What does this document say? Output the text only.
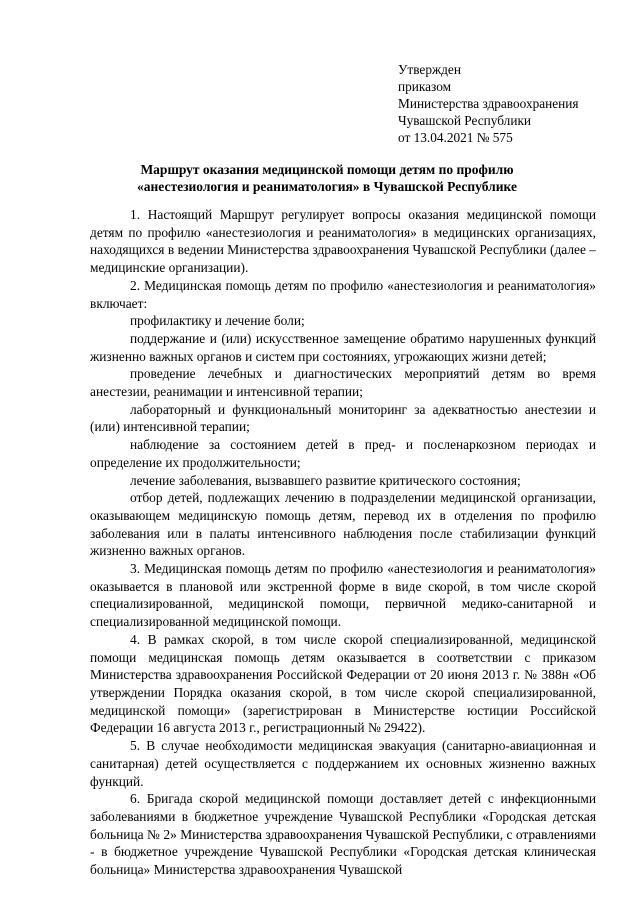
Утвержден
приказом
Министерства здравоохранения
Чувашской Республики
от 13.04.2021 № 575
Маршрут оказания медицинской помощи детям по профилю
«анестезиология и реаниматология» в Чувашской Республике

1. Настоящий Маршрут регулирует вопросы оказания медицинской помощи детям по профилю «анестезиология и реаниматология» в медицинских организациях, находящихся в ведении Министерства здравоохранения Чувашской Республики (далее – медицинские организации).

2. Медицинская помощь детям по профилю «анестезиология и реаниматология» включает:

профилактику и лечение боли;

поддержание и (или) искусственное замещение обратимо нарушенных функций жизненно важных органов и систем при состояниях, угрожающих жизни детей;

проведение лечебных и диагностических мероприятий детям во время анестезии, реанимации и интенсивной терапии;

лабораторный и функциональный мониторинг за адекватностью анестезии и (или) интенсивной терапии;

наблюдение за состоянием детей в пред- и посленаркозном периодах и определение их продолжительности;

лечение заболевания, вызвавшего развитие критического состояния;

отбор детей, подлежащих лечению в подразделении медицинской организации, оказывающем медицинскую помощь детям, перевод их в отделения по профилю заболевания или в палаты интенсивного наблюдения после стабилизации функций жизненно важных органов.

3. Медицинская помощь детям по профилю «анестезиология и реаниматология» оказывается в плановой или экстренной форме в виде скорой, в том числе скорой специализированной, медицинской помощи, первичной медико-санитарной и специализированной медицинской помощи.

4. В рамках скорой, в том числе скорой специализированной, медицинской помощи медицинская помощь детям оказывается в соответствии с приказом Министерства здравоохранения Российской Федерации от 20 июня 2013 г. № 388н «Об утверждении Порядка оказания скорой, в том числе скорой специализированной, медицинской помощи» (зарегистрирован в Министерстве юстиции Российской Федерации 16 августа 2013 г., регистрационный № 29422).

5. В случае необходимости медицинская эвакуация (санитарно-авиационная и санитарная) детей осуществляется с поддержанием их основных жизненно важных функций.

6. Бригада скорой медицинской помощи доставляет детей с инфекционными заболеваниями в бюджетное учреждение Чувашской Республики «Городская детская больница № 2» Министерства здравоохранения Чувашской Республики, с отравлениями - в бюджетное учреждение Чувашской Республики «Городская детская клиническая больница» Министерства здравоохранения Чувашской
